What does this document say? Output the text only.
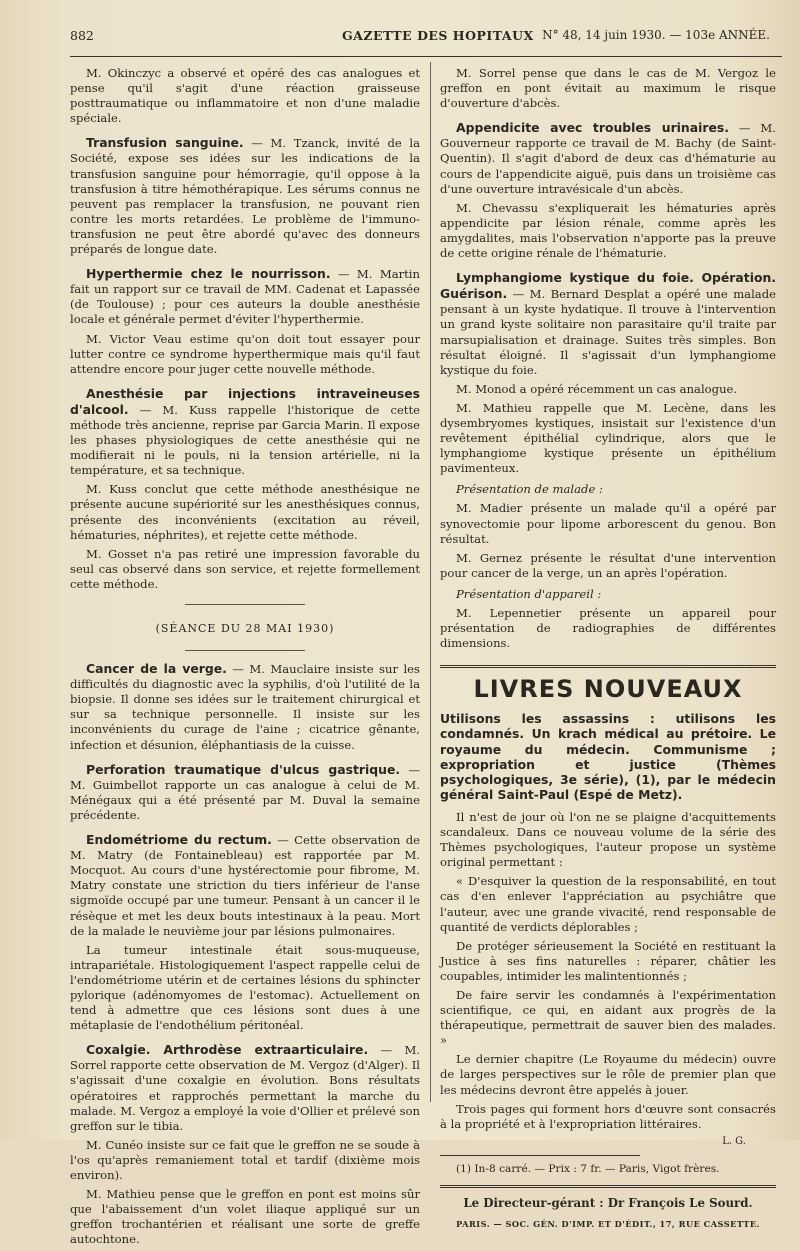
882	GAZETTE DES HOPITAUX N° 48, 14 juin 1930. — 103e ANNÉE.

M. Okinczyc a observé et opéré des cas analogues et pense qu'il s'agit d'une réaction graisseuse posttraumatique ou inflammatoire et non d'une maladie spéciale.

Transfusion sanguine. — M. Tzanck, invité de la Société, expose ses idées sur les indications de la transfusion sanguine pour hémorragie, qu'il oppose à la transfusion à titre hémothérapique. Les sérums connus ne peuvent pas remplacer la transfusion, ne pouvant rien contre les morts retardées. Le problème de l'immuno-transfusion ne peut être abordé qu'avec des donneurs préparés de longue date.

Hyperthermie chez le nourrisson. — M. Martin fait un rapport sur ce travail de MM. Cadenat et Lapassée (de Toulouse) ; pour ces auteurs la double anesthésie locale et générale permet d'éviter l'hyperthermie.

M. Victor Veau estime qu'on doit tout essayer pour lutter contre ce syndrome hyperthermique mais qu'il faut attendre encore pour juger cette nouvelle méthode.

Anesthésie par injections intraveineuses d'alcool. — M. Kuss rappelle l'historique de cette méthode très ancienne, reprise par Garcia Marin. Il expose les phases physiologiques de cette anesthésie qui ne modifierait ni le pouls, ni la tension artérielle, ni la température, et sa technique.

M. Kuss conclut que cette méthode anesthésique ne présente aucune supériorité sur les anesthésiques connus, présente des inconvénients (excitation au réveil, hématuries, néphrites), et rejette cette méthode.

M. Gosset n'a pas retiré une impression favorable du seul cas observé dans son service, et rejette formellement cette méthode.

(SÉANCE DU 28 MAI 1930)

Cancer de la verge. — M. Mauclaire insiste sur les difficultés du diagnostic avec la syphilis, d'où l'utilité de la biopsie. Il donne ses idées sur le traitement chirurgical et sur sa technique personnelle. Il insiste sur les inconvénients du curage de l'aine ; cicatrice gênante, infection et désunion, éléphantiasis de la cuisse.

Perforation traumatique d'ulcus gastrique. — M. Guimbellot rapporte un cas analogue à celui de M. Ménégaux qui a été présenté par M. Duval la semaine précédente.

Endométriome du rectum. — Cette observation de M. Matry (de Fontainebleau) est rapportée par M. Mocquot. Au cours d'une hystérectomie pour fibrome, M. Matry constate une striction du tiers inférieur de l'anse sigmoïde occupé par une tumeur. Pensant à un cancer il le résèque et met les deux bouts intestinaux à la peau. Mort de la malade le neuvième jour par lésions pulmonaires.

La tumeur intestinale était sous-muqueuse, intrapariétale. Histologiquement l'aspect rappelle celui de l'endométriome utérin et de certaines lésions du sphincter pylorique (adénomyomes de l'estomac). Actuellement on tend à admettre que ces lésions sont dues à une métaplasie de l'endothélium péritonéal.

Coxalgie. Arthrodèse extraarticulaire. — M. Sorrel rapporte cette observation de M. Vergoz (d'Alger). Il s'agissait d'une coxalgie en évolution. Bons résultats opératoires et rapprochés permettant la marche du malade. M. Vergoz a employé la voie d'Ollier et prélevé son greffon sur le tibia.

M. Cunéo insiste sur ce fait que le greffon ne se soude à l'os qu'après remaniement total et tardif (dixième mois environ).

M. Mathieu pense que le greffon en pont est moins sûr que l'abaissement d'un volet iliaque appliqué sur un greffon trochantérien et réalisant une sorte de greffe autochtone.

M. Sorrel pense que dans le cas de M. Vergoz le greffon en pont évitait au maximum le risque d'ouverture d'abcès.

Appendicite avec troubles urinaires. — M. Gouverneur rapporte ce travail de M. Bachy (de Saint-Quentin). Il s'agit d'abord de deux cas d'hématurie au cours de l'appendicite aiguë, puis dans un troisième cas d'une ouverture intravésicale d'un abcès.

M. Chevassu s'expliquerait les hématuries après appendicite par lésion rénale, comme après les amygdalites, mais l'observation n'apporte pas la preuve de cette origine rénale de l'hématurie.

Lymphangiome kystique du foie. Opération. Guérison. — M. Bernard Desplat a opéré une malade pensant à un kyste hydatique. Il trouve à l'intervention un grand kyste solitaire non parasitaire qu'il traite par marsupialisation et drainage. Suites très simples. Bon résultat éloigné. Il s'agissait d'un lymphangiome kystique du foie.

M. Monod a opéré récemment un cas analogue.

M. Mathieu rappelle que M. Lecène, dans les dysembryomes kystiques, insistait sur l'existence d'un revêtement épithélial cylindrique, alors que le lymphangiome kystique présente un épithélium pavimenteux.

Présentation de malade :

M. Madier présente un malade qu'il a opéré par synovectomie pour lipome arborescent du genou. Bon résultat.

M. Gernez présente le résultat d'une intervention pour cancer de la verge, un an après l'opération.

Présentation d'appareil :

M. Lepennetier présente un appareil pour présentation de radiographies de différentes dimensions.

LIVRES NOUVEAUX

Utilisons les assassins : utilisons les condamnés. Un krach médical au prétoire. Le royaume du médecin. Communisme ; expropriation et justice (Thèmes psychologiques, 3e série), (1), par le médecin général Saint-Paul (Espé de Metz).

Il n'est de jour où l'on ne se plaigne d'acquittements scandaleux. Dans ce nouveau volume de la série des Thèmes psychologiques, l'auteur propose un système original permettant :

« D'esquiver la question de la responsabilité, en tout cas d'en enlever l'appréciation au psychiâtre que l'auteur, avec une grande vivacité, rend responsable de quantité de verdicts déplorables ;

De protéger sérieusement la Société en restituant la Justice à ses fins naturelles : réparer, châtier les coupables, intimider les malintentionnés ;

De faire servir les condamnés à l'expérimentation scientifique, ce qui, en aidant aux progrès de la thérapeutique, permettrait de sauver bien des malades. »

Le dernier chapitre (Le Royaume du médecin) ouvre de larges perspectives sur le rôle de premier plan que les médecins devront être appelés à jouer.

Trois pages qui forment hors d'œuvre sont consacrés à la propriété et à l'expropriation littéraires.

L. G.

(1) In-8 carré. — Prix : 7 fr. — Paris, Vigot frères.

Le Directeur-gérant : Dr François Le Sourd.

PARIS. — SOC. GÉN. D'IMP. ET D'ÉDIT., 17, RUE CASSETTE.
